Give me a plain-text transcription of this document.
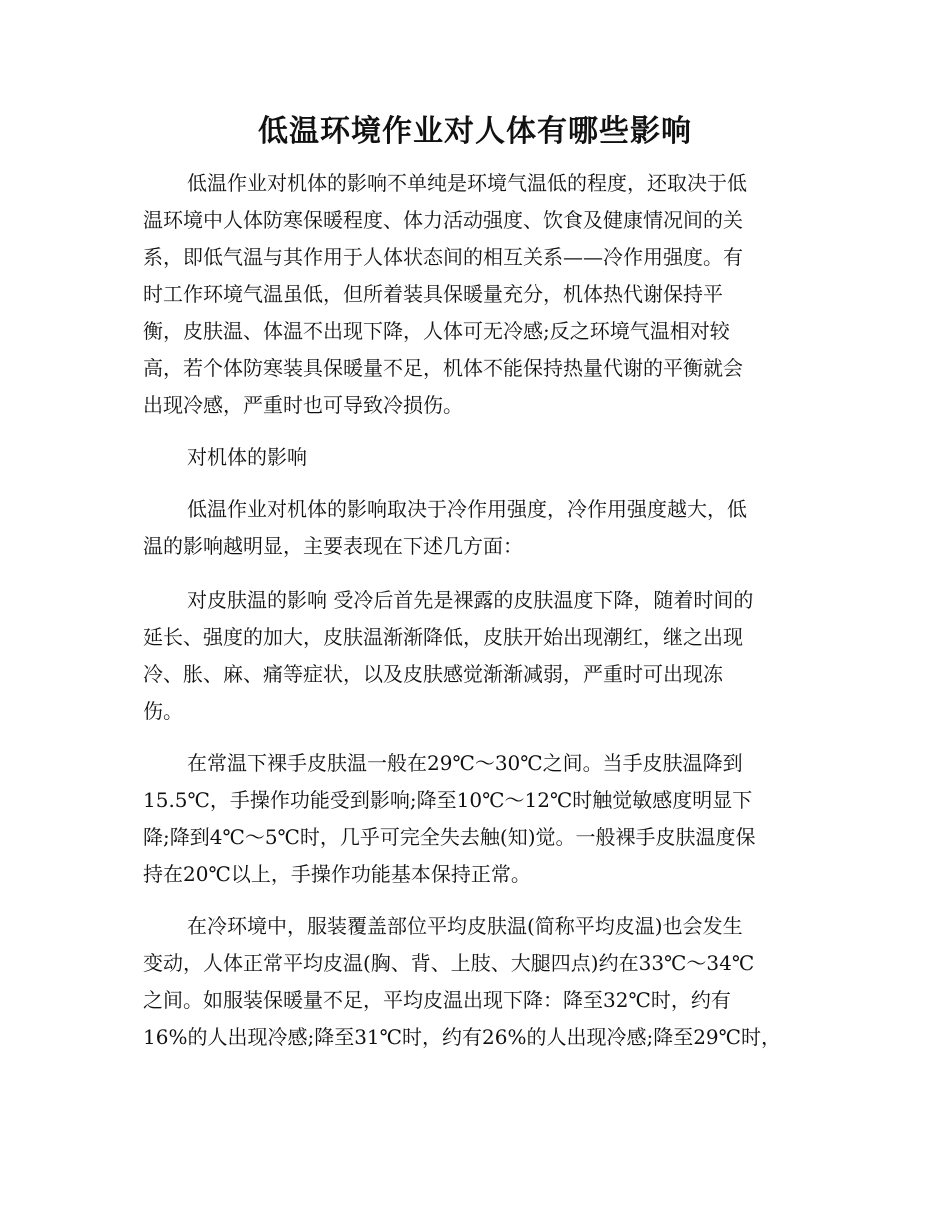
低温环境作业对人体有哪些影响
低温作业对机体的影响不单纯是环境气温低的程度，还取决于低
温环境中人体防寒保暖程度、体力活动强度、饮食及健康情况间的关
系，即低气温与其作用于人体状态间的相互关系——冷作用强度。有
时工作环境气温虽低，但所着装具保暖量充分，机体热代谢保持平
衡，皮肤温、体温不出现下降，人体可无冷感;反之环境气温相对较
高，若个体防寒装具保暖量不足，机体不能保持热量代谢的平衡就会
出现冷感，严重时也可导致冷损伤。
对机体的影响
低温作业对机体的影响取决于冷作用强度，冷作用强度越大，低
温的影响越明显，主要表现在下述几方面：
对皮肤温的影响 受冷后首先是裸露的皮肤温度下降，随着时间的
延长、强度的加大，皮肤温渐渐降低，皮肤开始出现潮红，继之出现
冷、胀、麻、痛等症状，以及皮肤感觉渐渐减弱，严重时可出现冻
伤。
在常温下裸手皮肤温一般在29℃～30℃之间。当手皮肤温降到
15.5℃，手操作功能受到影响;降至10℃～12℃时触觉敏感度明显下
降;降到4℃～5℃时，几乎可完全失去触(知)觉。一般裸手皮肤温度保
持在20℃以上，手操作功能基本保持正常。
在冷环境中，服装覆盖部位平均皮肤温(简称平均皮温)也会发生
变动，人体正常平均皮温(胸、背、上肢、大腿四点)约在33℃～34℃
之间。如服装保暖量不足，平均皮温出现下降：降至32℃时，约有
16%的人出现冷感;降至31℃时，约有26%的人出现冷感;降至29℃时，
